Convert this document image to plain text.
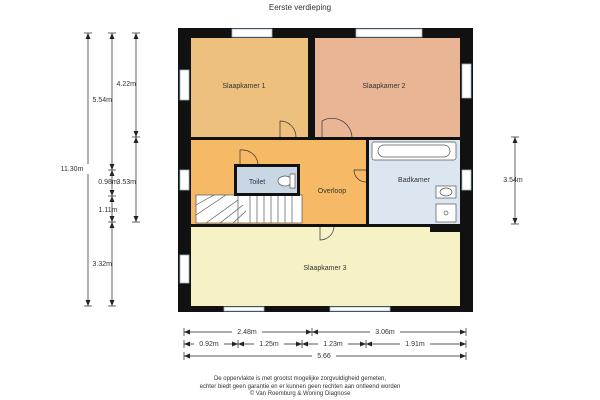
Eerste verdieping
Slaapkamer 1	Slaapkamer 2
Toilet
Overloop
Badkamer
Slaapkamer 3
11.30m
5.54m
0.98m
1.11m
3.32m
4.22m
3.53m	3.54m
2.48m	3.06m
0.92m	1.25m	1.23m	1.91m
5.66
De oppervlakte is met grootst mogelijke zorgvuldigheid gemeten,
echter biedt geen garantie en er kunnen geen rechten aan ontleend worden
© Van Roemburg & Woning Diagnose
